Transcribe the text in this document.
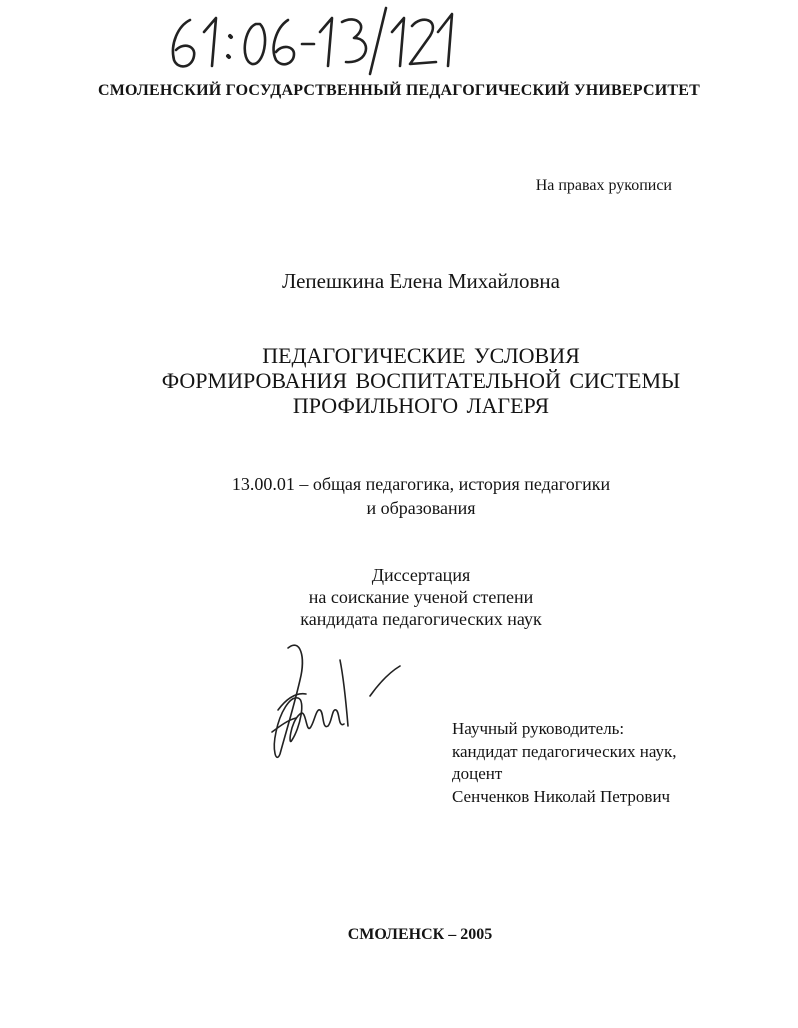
СМОЛЕНСКИЙ ГОСУДАРСТВЕННЫЙ ПЕДАГОГИЧЕСКИЙ УНИВЕРСИТЕТ
На правах рукописи
Лепешкина Елена Михайловна
ПЕДАГОГИЧЕСКИЕ УСЛОВИЯ
ФОРМИРОВАНИЯ ВОСПИТАТЕЛЬНОЙ СИСТЕМЫ
ПРОФИЛЬНОГО ЛАГЕРЯ
13.00.01 – общая педагогика, история педагогики
и образования
Диссертация
на соискание ученой степени
кандидата педагогических наук
Научный руководитель:
кандидат педагогических наук,
доцент
Сенченков Николай Петрович
СМОЛЕНСК – 2005
